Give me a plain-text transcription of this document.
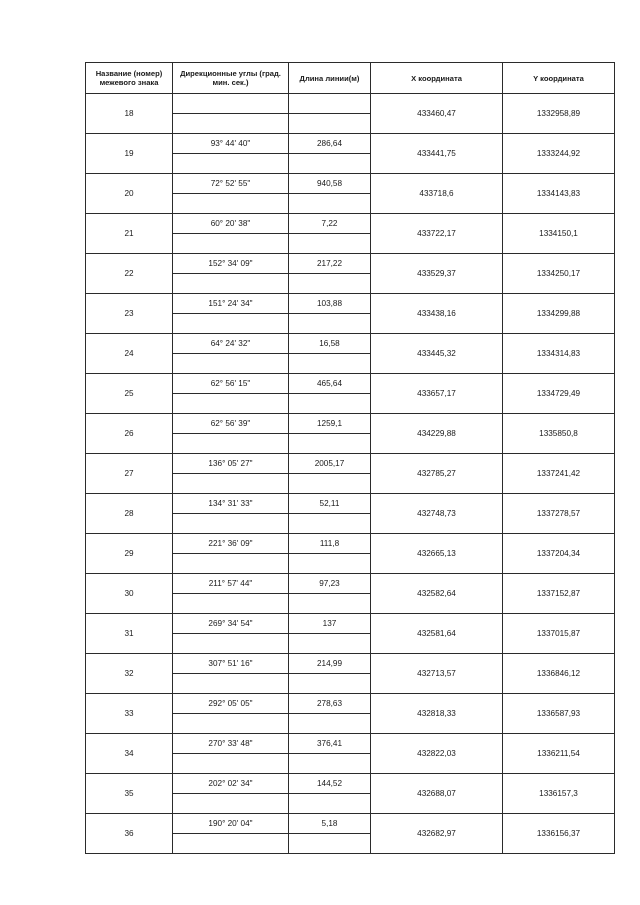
Название (номер) межевого знака	Дирекционные углы (град. мин. сек.)	Длина линии(м)	X координата	Y координата
18			433460,47	1332958,89

19	93° 44' 40"	286,64	433441,75	1333244,92

20	72° 52' 55"	940,58	433718,6	1334143,83

21	60° 20' 38"	7,22	433722,17	1334150,1

22	152° 34' 09"	217,22	433529,37	1334250,17

23	151° 24' 34"	103,88	433438,16	1334299,88

24	64° 24' 32"	16,58	433445,32	1334314,83

25	62° 56' 15"	465,64	433657,17	1334729,49

26	62° 56' 39"	1259,1	434229,88	1335850,8

27	136° 05' 27"	2005,17	432785,27	1337241,42

28	134° 31' 33"	52,11	432748,73	1337278,57

29	221° 36' 09"	111,8	432665,13	1337204,34

30	211° 57' 44"	97,23	432582,64	1337152,87

31	269° 34' 54"	137	432581,64	1337015,87

32	307° 51' 16"	214,99	432713,57	1336846,12

33	292° 05' 05"	278,63	432818,33	1336587,93

34	270° 33' 48"	376,41	432822,03	1336211,54

35	202° 02' 34"	144,52	432688,07	1336157,3

36	190° 20' 04"	5,18	432682,97	1336156,37
